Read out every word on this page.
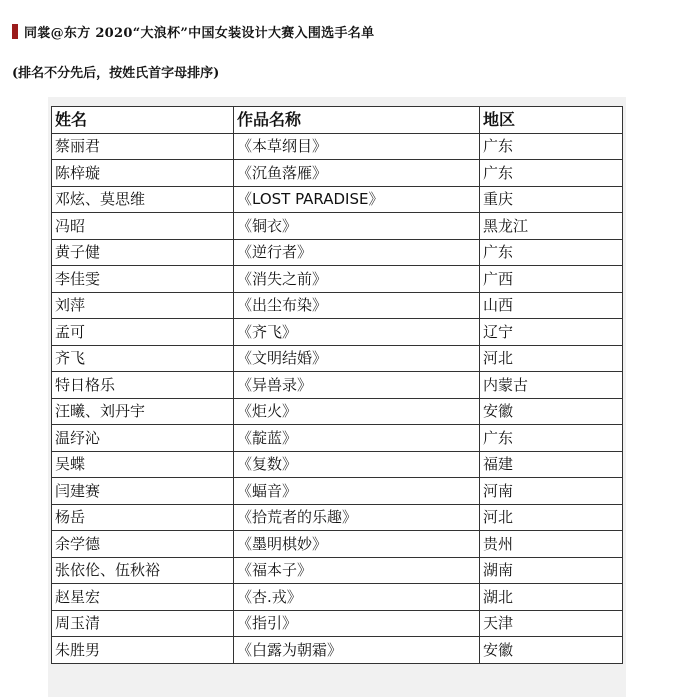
同裳@东方 2020“大浪杯”中国女装设计大赛入围选手名单
(排名不分先后，按姓氏首字母排序)
姓名	作品名称	地区
蔡丽君	《本草纲目》	广东
陈梓璇	《沉鱼落雁》	广东
邓炫、莫思维	《LOST PARADISE》	重庆
冯昭	《铜衣》	黑龙江
黄子健	《逆行者》	广东
李佳雯	《消失之前》	广西
刘萍	《出尘布染》	山西
孟可	《齐飞》	辽宁
齐飞	《文明结婚》	河北
特日格乐	《异兽录》	内蒙古
汪曦、刘丹宇	《炬火》	安徽
温纾沁	《靛蓝》	广东
吴蝶	《复数》	福建
闫建赛	《蝠音》	河南
杨岳	《拾荒者的乐趣》	河北
余学德	《墨明棋妙》	贵州
张依伦、伍秋裕	《福本子》	湖南
赵星宏	《杏.戎》	湖北
周玉清	《指引》	天津
朱胜男	《白露为朝霜》	安徽
